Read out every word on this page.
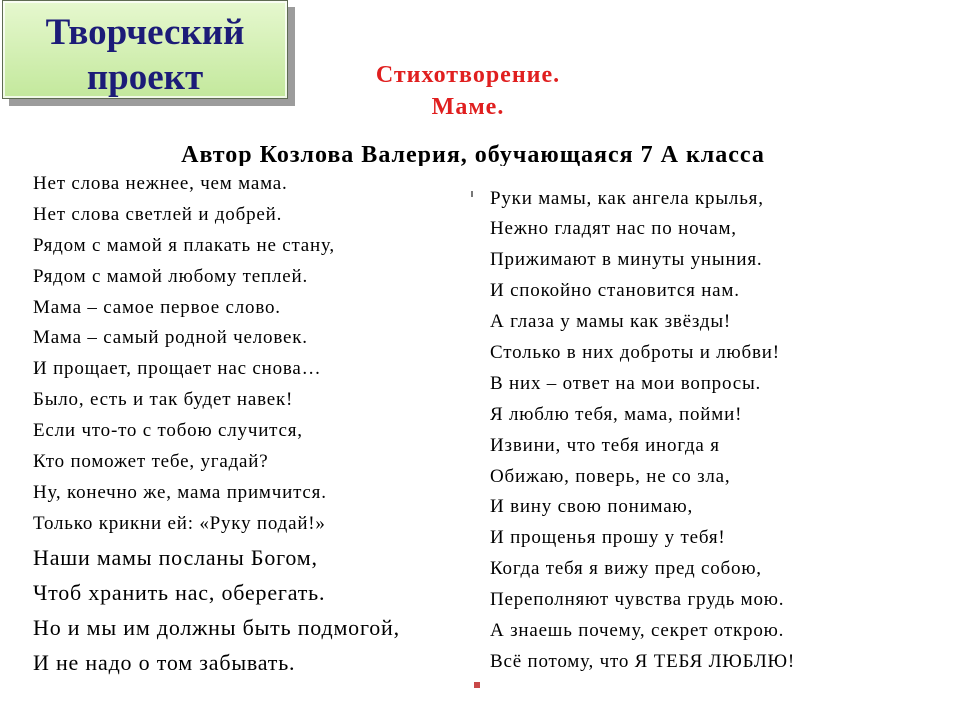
Творческий
проект	Стихотворение.
Маме.
Автор Козлова Валерия, обучающаяся 7 А класса
Нет слова нежнее, чем мама.
Нет слова светлей и добрей.
Рядом с мамой я плакать не стану,
Рядом с мамой любому теплей.
Мама – самое первое слово.
Мама – самый родной человек.
И прощает, прощает нас снова…
Было, есть и так будет навек!
Если что-то с тобою случится,
Кто поможет тебе, угадай?
Ну, конечно же, мама примчится.
Только крикни ей: «Руку подай!»
Наши мамы посланы Богом,
Чтоб хранить нас, оберегать.
Но и мы им должны быть подмогой,
И не надо о том забывать.
Руки мамы, как ангела крылья,
Нежно гладят нас по ночам,
Прижимают в минуты уныния.
И спокойно становится нам.
А глаза у мамы как звёзды!
Столько в них доброты и любви!
В них – ответ на мои вопросы.
Я люблю тебя, мама, пойми!
Извини, что тебя иногда я
Обижаю, поверь, не со зла,
И вину свою понимаю,
И прощенья прошу у тебя!
Когда тебя я вижу пред собою,
Переполняют чувства грудь мою.
А знаешь почему, секрет открою.
Всё потому, что Я ТЕБЯ ЛЮБЛЮ!
